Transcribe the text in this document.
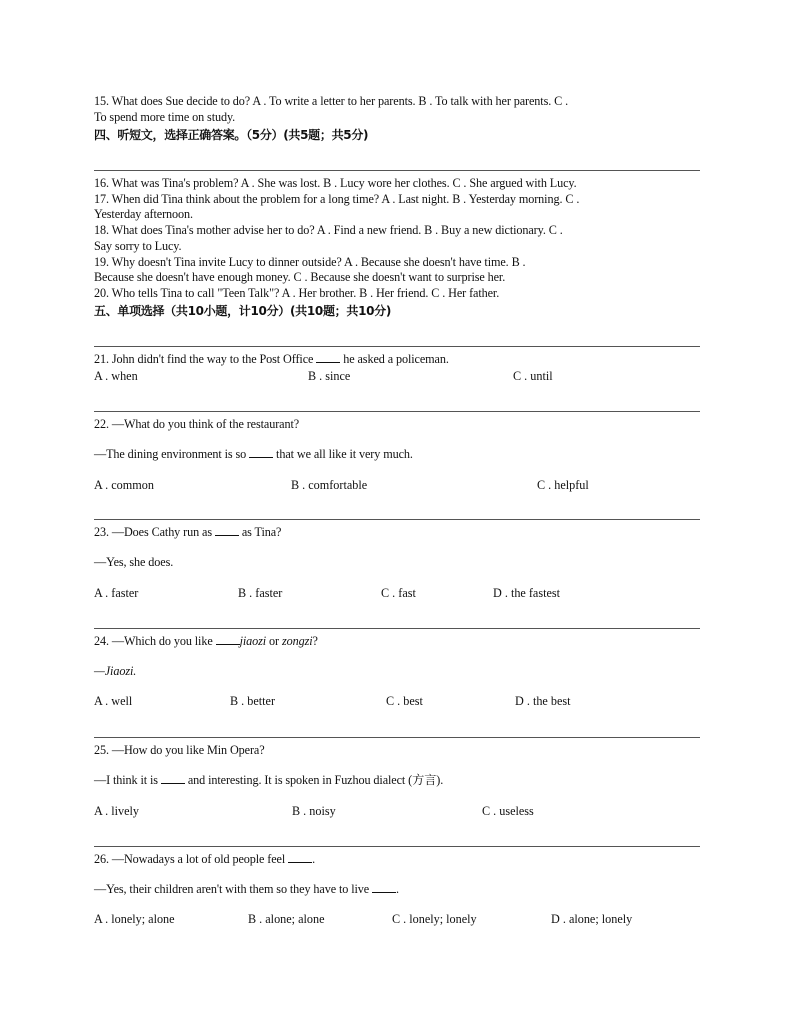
15. What does Sue decide to do? A . To write a letter to her parents. B . To talk with her parents. C .
To spend more time on study.
四、听短文，选择正确答案。（5分）(共5题；共5分)
16. What was Tina's problem? A . She was lost. B . Lucy wore her clothes. C . She argued with Lucy.
17. When did Tina think about the problem for a long time? A . Last night. B . Yesterday morning. C .
Yesterday afternoon.
18. What does Tina's mother advise her to do? A . Find a new friend. B . Buy a new dictionary. C .
Say sorry to Lucy.
19. Why doesn't Tina invite Lucy to dinner outside? A . Because she doesn't have time. B .
Because she doesn't have enough money. C . Because she doesn't want to surprise her.
20. Who tells Tina to call "Teen Talk"? A . Her brother. B . Her friend. C . Her father.
五、单项选择（共10小题，计10分）(共10题；共10分)
21. John didn't find the way to the Post Office he asked a policeman.
A . when	B . since	C . until
22. —What do you think of the restaurant?
—The dining environment is so that we all like it very much.
A . common	B . comfortable	C . helpful
23. —Does Cathy run as as Tina?
—Yes, she does.
A . faster	B . faster	C . fast	D . the fastest
24. —Which do you like jiaozi or zongzi?
—Jiaozi.
A . well	B . better	C . best	D . the best
25. —How do you like Min Opera?
—I think it is and interesting. It is spoken in Fuzhou dialect (方言).
A . lively	B . noisy	C . useless
26. —Nowadays a lot of old people feel .
—Yes, their children aren't with them so they have to live .
A . lonely; alone	B . alone; alone	C . lonely; lonely	D . alone; lonely
